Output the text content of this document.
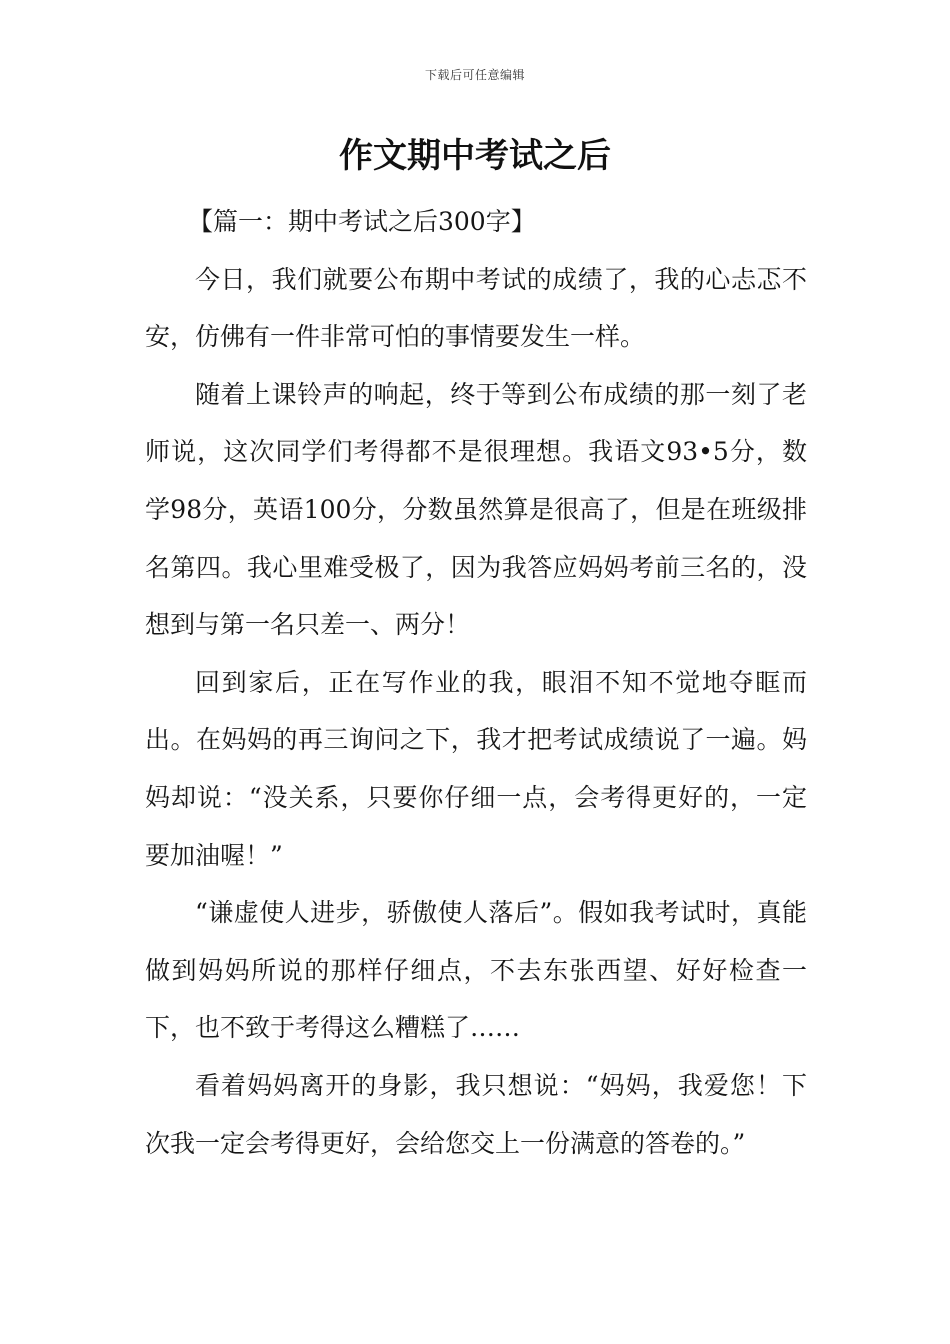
下载后可任意编辑
作文期中考试之后

【篇一：期中考试之后300字】

今日，我们就要公布期中考试的成绩了，我的心忐忑不安，仿佛有一件非常可怕的事情要发生一样。

随着上课铃声的响起，终于等到公布成绩的那一刻了老师说，这次同学们考得都不是很理想。我语文93•5分，数学98分，英语100分，分数虽然算是很高了，但是在班级排名第四。我心里难受极了，因为我答应妈妈考前三名的，没想到与第一名只差一、两分！

回到家后，正在写作业的我，眼泪不知不觉地夺眶而出。在妈妈的再三询问之下，我才把考试成绩说了一遍。妈妈却说：“没关系，只要你仔细一点，会考得更好的，一定要加油喔！”

“谦虚使人进步，骄傲使人落后”。假如我考试时，真能做到妈妈所说的那样仔细点，不去东张西望、好好检查一下，也不致于考得这么糟糕了……

看着妈妈离开的身影，我只想说：“妈妈，我爱您！下次我一定会考得更好，会给您交上一份满意的答卷的。”
